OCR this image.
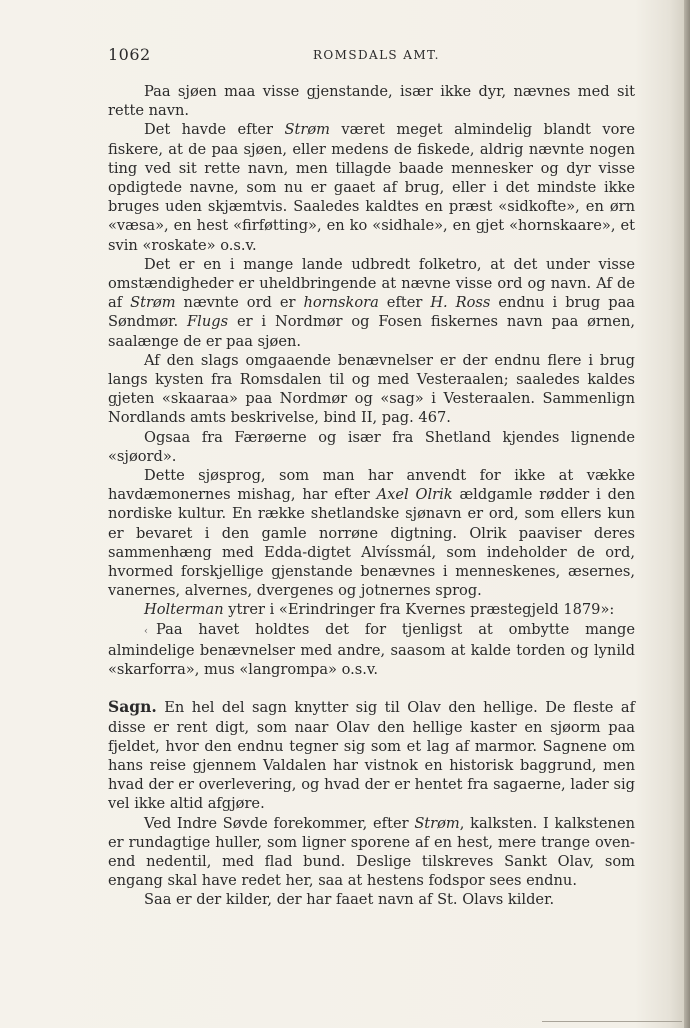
1062	ROMSDALS AMT.

Paa sjøen maa visse gjenstande, især ikke dyr, nævnes med sit rette navn.

Det havde efter Strøm været meget almindelig blandt vore fiskere, at de paa sjøen, eller medens de fiskede, aldrig nævnte nogen ting ved sit rette navn, men tillagde baade mennesker og dyr visse opdigtede navne, som nu er gaaet af brug, eller i det mindste ikke bruges uden skjæmtvis. Saaledes kaldtes en præst «sidkofte», en ørn «væsa», en hest «firføtting», en ko «sidhale», en gjet «hornskaare», et svin «roskate» o.s.v.

Det er en i mange lande udbredt folketro, at det under visse omstændigheder er uheldbringende at nævne visse ord og navn. Af de af Strøm nævnte ord er hornskora efter H. Ross endnu i brug paa Søndmør. Flugs er i Nordmør og Fosen fiskernes navn paa ørnen, saalænge de er paa sjøen.

Af den slags omgaaende benævnelser er der endnu flere i brug langs kysten fra Romsdalen til og med Vesteraalen; saaledes kaldes gjeten «skaaraa» paa Nordmør og «sag» i Vesteraalen. Sammenlign Nordlands amts beskrivelse, bind II, pag. 467.

Ogsaa fra Færøerne og især fra Shetland kjendes lignende «sjøord».

Dette sjøsprog, som man har anvendt for ikke at vække havdæmonernes mishag, har efter Axel Olrik ældgamle rødder i den nordiske kultur. En række shetlandske sjønavn er ord, som ellers kun er bevaret i den gamle norrøne digtning. Olrik paaviser deres sammenhæng med Edda-digtet Alvíssmál, som indeholder de ord, hvormed forskjellige gjenstande benævnes i menneskenes, æsernes, vanernes, alvernes, dvergenes og jotnernes sprog.

Holterman ytrer i «Erindringer fra Kvernes præstegjeld 1879»:

‹ Paa havet holdtes det for tjenligst at ombytte mange almindelige benævnelser med andre, saasom at kalde torden og lynild «skarforra», mus «langrompa» o.s.v.

Sagn. En hel del sagn knytter sig til Olav den hellige. De fleste af disse er rent digt, som naar Olav den hellige kaster en sjøorm paa fjeldet, hvor den endnu tegner sig som et lag af marmor. Sagnene om hans reise gjennem Valdalen har vistnok en historisk baggrund, men hvad der er overlevering, og hvad der er hentet fra sagaerne, lader sig vel ikke altid afgjøre.

Ved Indre Søvde forekommer, efter Strøm, kalksten. I kalkstenen er rundagtige huller, som ligner sporene af en hest, mere trange oven- end nedentil, med flad bund. Deslige tilskreves Sankt Olav, som engang skal have redet her, saa at hestens fodspor sees endnu.

Saa er der kilder, der har faaet navn af St. Olavs kilder.
